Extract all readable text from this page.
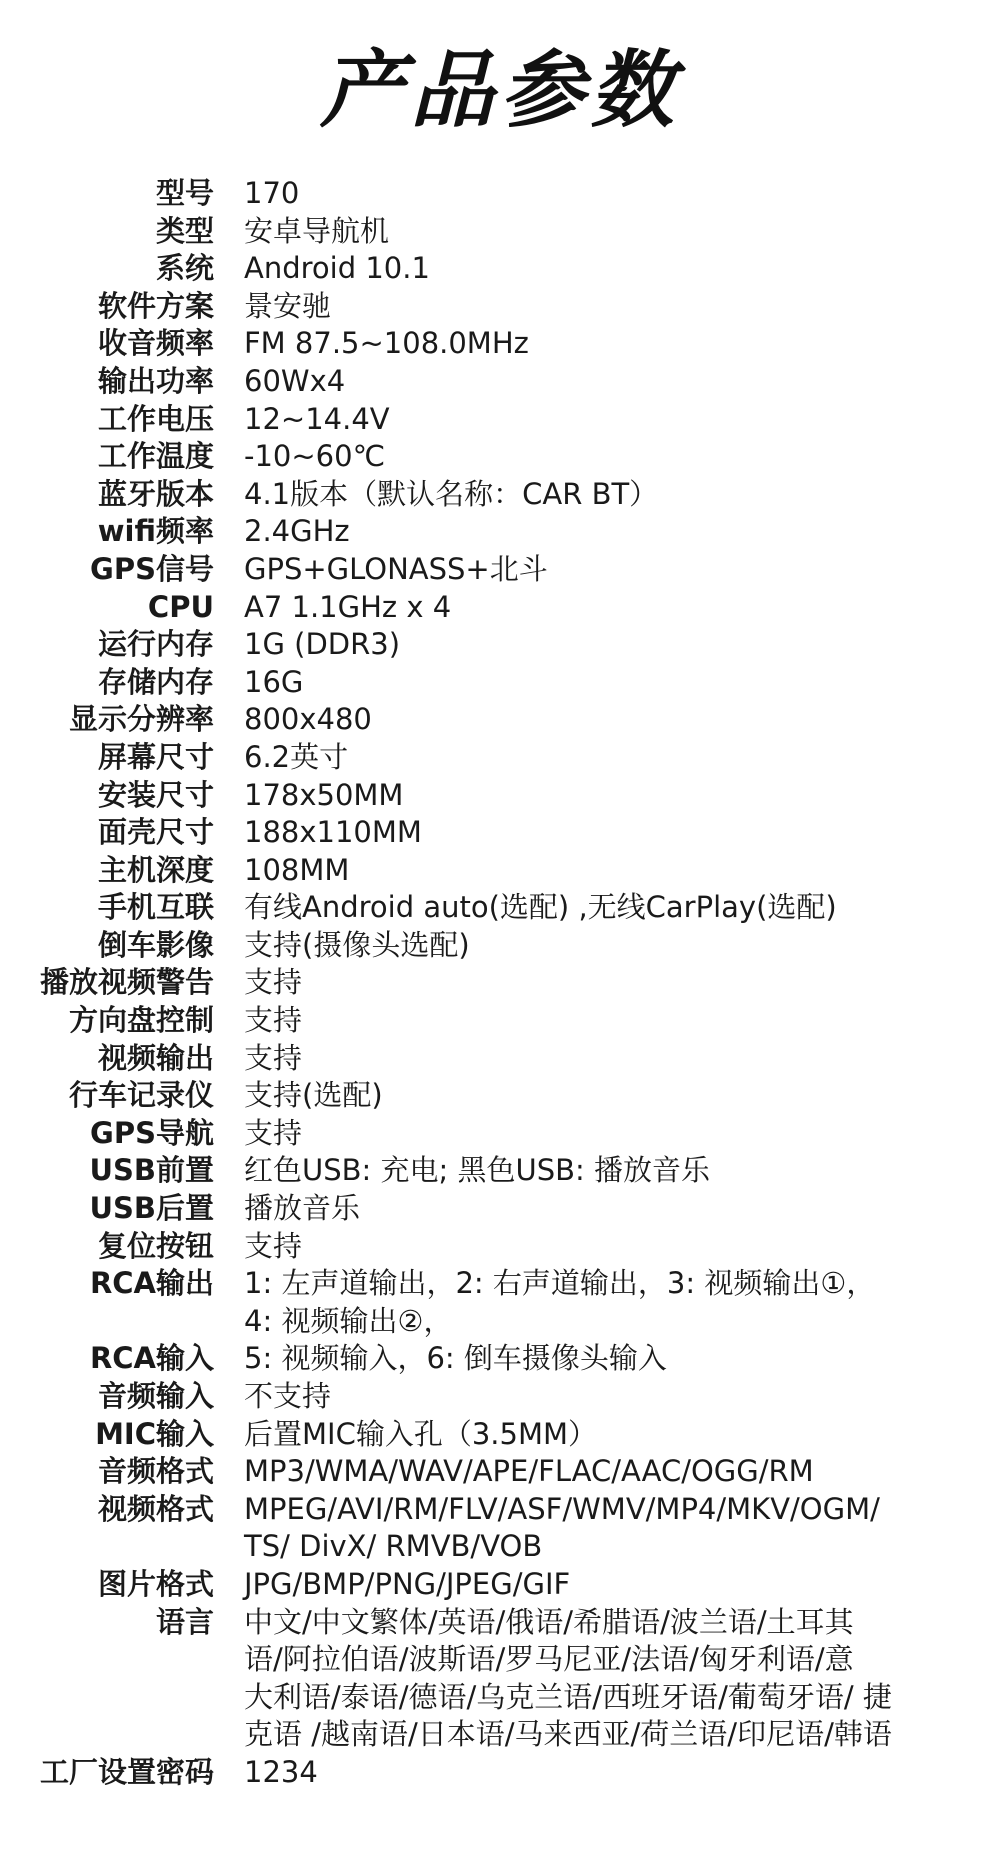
产品参数
型号 170
类型 安卓导航机
系统 Android 10.1
软件方案 景安驰
收音频率 FM 87.5~108.0MHz
输出功率 60Wx4
工作电压 12~14.4V
工作温度 -10~60℃
蓝牙版本 4.1版本（默认名称：CAR BT）
wifi频率 2.4GHz
GPS信号 GPS+GLONASS+北斗
CPU A7 1.1GHz x 4
运行内存 1G (DDR3)
存储内存 16G
显示分辨率 800x480
屏幕尺寸 6.2英寸
安装尺寸 178x50MM
面壳尺寸 188x110MM
主机深度 108MM
手机互联 有线Android auto(选配) ,无线CarPlay(选配)
倒车影像 支持(摄像头选配)
播放视频警告 支持
方向盘控制 支持
视频输出 支持
行车记录仪 支持(选配)
GPS导航 支持
USB前置 红色USB: 充电; 黑色USB: 播放音乐
USB后置 播放音乐
复位按钮 支持
RCA输出 1: 左声道输出，2: 右声道输出，3: 视频输出①，
4: 视频输出②，
RCA输入 5: 视频输入，6: 倒车摄像头输入
音频输入 不支持
MIC输入 后置MIC输入孔（3.5MM）
音频格式 MP3/WMA/WAV/APE/FLAC/AAC/OGG/RM
视频格式 MPEG/AVI/RM/FLV/ASF/WMV/MP4/MKV/OGM/
TS/ DivX/ RMVB/VOB
图片格式 JPG/BMP/PNG/JPEG/GIF
语言 中文/中文繁体/英语/俄语/希腊语/波兰语/土耳其
语/阿拉伯语/波斯语/罗马尼亚/法语/匈牙利语/意
大利语/泰语/德语/乌克兰语/西班牙语/葡萄牙语/ 捷
克语 /越南语/日本语/马来西亚/荷兰语/印尼语/韩语
工厂设置密码 1234
